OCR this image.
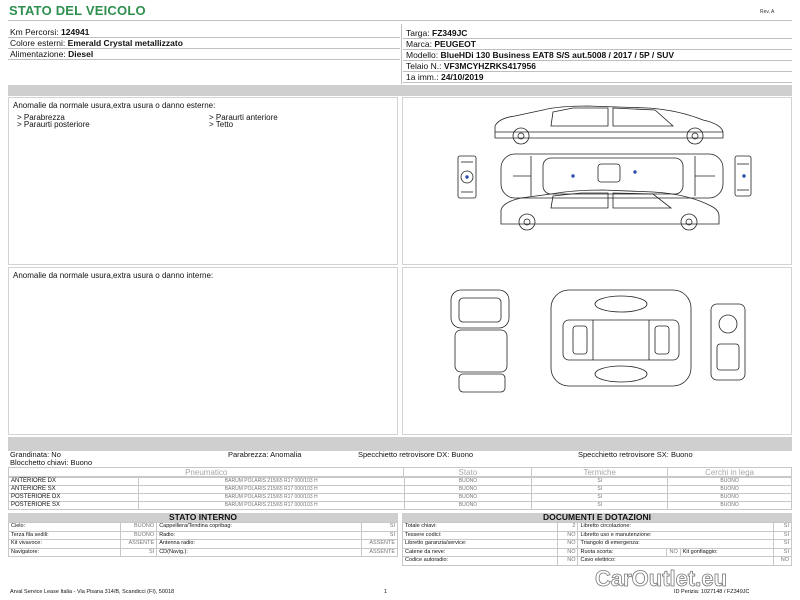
STATO DEL VEICOLO	Rev. A
Km Percorsi: 124941
Colore esterni: Emerald Crystal metallizzato
Alimentazione: Diesel
Targa: FZ349JC
Marca: PEUGEOT
Modello: BlueHDi 130 Business EAT8 S/S aut.5008 / 2017 / 5P / SUV
Telaio N.: VF3MCYHZRKS417956
1a imm.: 24/10/2019
Anomalie da normale usura,extra usura o danno esterne:
> Parabrezza
> Paraurti posteriore
> Paraurti anteriore
> Tetto
Anomalie da normale usura,extra usura o danno interne:
Grandinata: No	Parabrezza: Anomalia	Specchietto retrovisore DX: Buono	Specchietto retrovisore SX: Buono
Blocchetto chiavi: Buono
Pneumatico	Stato	Termiche	Cerchi in lega
ANTERIORE DX	BARUM POLARIS 215/65 R17 000/103 H	BUONO	SI	BUONO
ANTERIORE SX	BARUM POLARIS 215/65 R17 000/103 H	BUONO	SI	BUONO
POSTERIORE DX	BARUM POLARIS 215/65 R17 000/103 H	BUONO	SI	BUONO
POSTERIORE SX	BARUM POLARIS 215/65 R17 000/103 H	BUONO	SI	BUONO
STATO INTERNO
Cielo:	BUONO	Cappelliera/Tendina copribag:	SI
Terza fila sedili:	BUONO	Radio:	SI
Kit vivavoce:	ASSENTE	Antenna radio:	ASSENTE
Navigatore:	SI	CD(Navig.):	ASSENTE
DOCUMENTI E DOTAZIONI
Totale chiavi:	2	Libretto circolazione:			SI
Tessere codici:	NO	Libretto uso e manutenzione:			SI
Libretto garanzia/service:	NO	Triangolo di emergenza:			SI
Catene da neve:	NO	Ruota scorta:	NO	Kit gonfiaggio:	SI
Codice autoradio:	NO	Cavo elettrico:			NO
Arval Service Lease Italia - Via Pisana 314/B, Scandicci (FI), 50018	1	ID Perizia: 1027148 / FZ349JC
CarOutlet.eu
